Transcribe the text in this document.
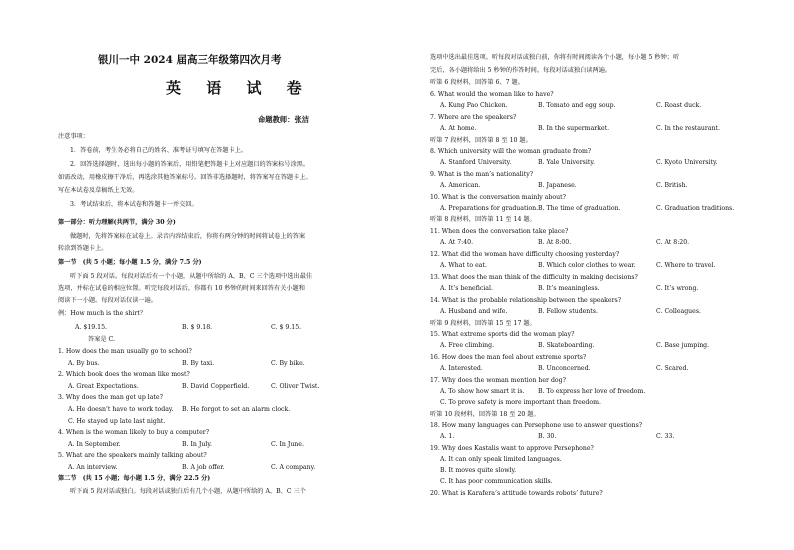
银川一中 2024 届高三年级第四次月考
英 语 试 卷
命题教师：张洁
注意事项：
1．答卷前，考生务必将自己的姓名、准考证号填写在答题卡上。
2．回答选择题时，选出每小题的答案后，用铅笔把答题卡上对应题目的答案标号涂黑。
如需改动，用橡皮擦干净后，再选涂其他答案标号。回答非选择题时，将答案写在答题卡上。
写在本试卷及草稿纸上无效。
3．考试结束后，将本试卷和答题卡一并交回。
第一部分：听力理解(共两节，满分 30 分)
做题时，先将答案标在试卷上。录音内容结束后，你将有两分钟的时间将试卷上的答案
转涂到答题卡上。
第一节　(共 5 小题；每小题 1.5 分，满分 7.5 分)
听下面 5 段对话。每段对话后有一个小题，从题中所给的 A、B、C 三个选项中选出最佳
选项，并标在试卷的相应位置。听完每段对话后，你都有 10 秒钟的时间来回答有关小题和
阅读下一小题。每段对话仅读一遍。
例：How much is the shirt？
A. $19.15.	B. $ 9.18.	C. $ 9.15.
答案是 C.
1. How does the man usually go to school?
A. By bus.	B. By taxi.	C. By bike.
2. Which book does the woman like most?
A. Great Expectations.	B. David Copperfield.	C. Oliver Twist.
3. Why does the man get up late?
A. He doesn’t have to work today. B. He forgot to set an alarm clock.
C. He stayed up late last night.
4. When is the woman likely to buy a computer?
A. In September.	B. In July.	C. In June.
5. What are the speakers mainly talking about?
A. An interview.	B. A job offer.	C. A company.
第二节　(共 15 小题；每小题 1.5 分，满分 22.5 分)
听下面 5 段对话或独白。每段对话或独白后有几个小题，从题中所给的 A、B、C 三个
选项中选出最佳选项。听每段对话或独白前，你将有时间阅读各个小题，每小题 5 秒钟；听
完后，各小题将给出 5 秒钟的作答时间。每段对话或独白读两遍。
听第 6 段材料，回答第 6、7 题。
6. What would the woman like to have?
A. Kung Pao Chicken.	B. Tomato and egg soup.	C. Roast duck.
7. Where are the speakers?
A. At home.	B. In the supermarket.	C. In the restaurant.
听第 7 段材料，回答第 8 至 10 题。
8. Which university will the woman graduate from?
A. Stanford University.	B. Yale University.	C. Kyoto University.
9. What is the man’s nationality?
A. American.	B. Japanese.	C. British.
10. What is the conversation mainly about?
A. Preparations for graduation. B. The time of graduation.	C. Graduation traditions.
听第 8 段材料，回答第 11 至 14 题。
11. When does the conversation take place?
A. At 7:40.	B. At 8:00.	C. At 8:20.
12. What did the woman have difficulty choosing yesterday?
A. What to eat.	B. Which color clothes to wear.	C. Where to travel.
13. What does the man think of the difficulty in making decisions?
A. It’s beneficial.	B. It’s meaningless.	C. It’s wrong.
14. What is the probable relationship between the speakers?
A. Husband and wife.	B. Fellow students.	C. Colleagues.
听第 9 段材料，回答第 15 至 17 题。
15. What extreme sports did the woman play?
A. Free climbing.	B. Skateboarding.	C. Base jumping.
16. How does the man feel about extreme sports?
A. Interested.	B. Unconcerned.	C. Scared.
17. Why does the woman mention her dog?
A. To show how smart it is. B. To express her love of freedom.
C. To prove safety is more important than freedom.
听第 10 段材料，回答第 18 至 20 题。
18. How many languages can Persephone use to answer questions?
A. 1.	B. 30.	C. 33.
19. Why does Kastalis want to approve Persephone?
A. It can only speak limited languages.
B. It moves quite slowly.
C. It has poor communication skills.
20. What is Karafera’s attitude towards robots’ future?
